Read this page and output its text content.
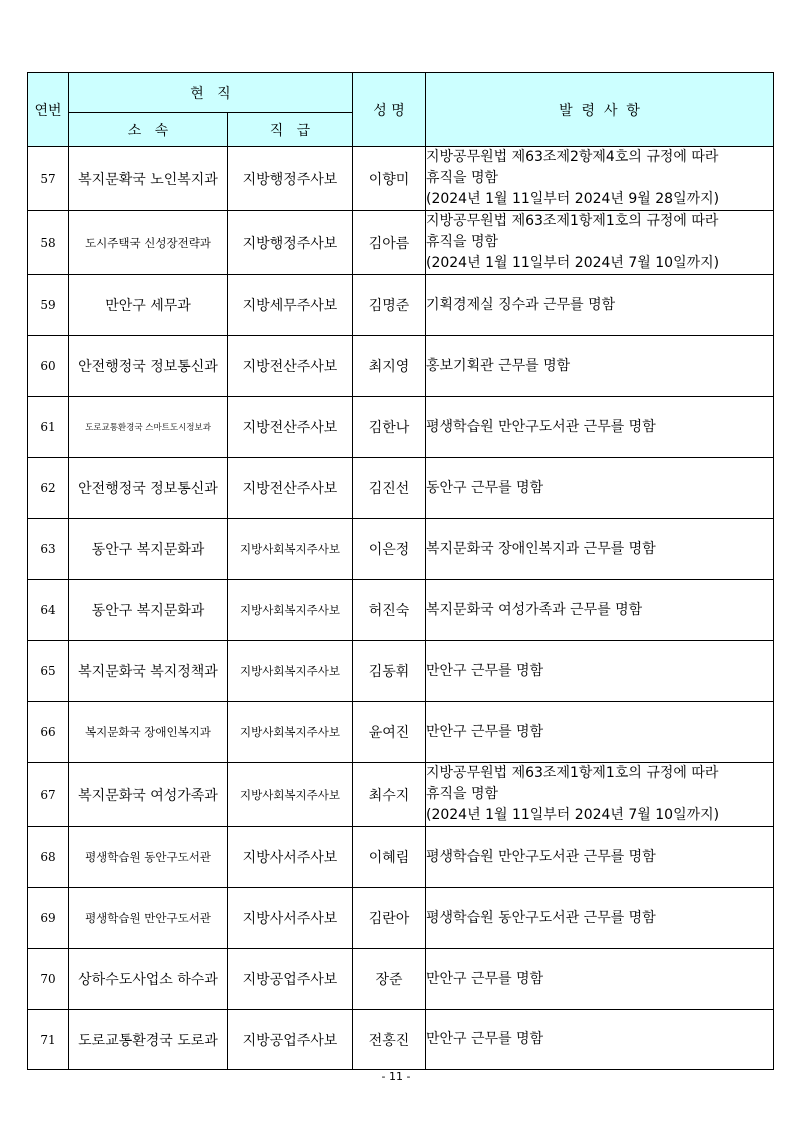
연번	현   직		성 명	발  령  사  항
	소   속	직   급		
57	복지문확국 노인복지과	지방행정주사보	이향미	지방공무원법 제63조제2항제4호의 규정에 따라
휴직을 명함
(2024년 1월 11일부터 2024년 9월 28일까지)

58	도시주택국 신성장전략과	지방행정주사보	김아름	지방공무원법 제63조제1항제1호의 규정에 따라
휴직을 명함
(2024년 1월 11일부터 2024년 7월 10일까지)

59	만안구 세무과	지방세무주사보	김명준	기획경제실 징수과 근무를 명함

60	안전행정국 정보통신과	지방전산주사보	최지영	홍보기획관 근무를 명함

61	도로교통환경국 스마트도시정보과	지방전산주사보	김한나	평생학습원 만안구도서관 근무를 명함

62	안전행정국 정보통신과	지방전산주사보	김진선	동안구 근무를 명함

63	동안구 복지문화과	지방사회복지주사보	이은정	복지문화국 장애인복지과 근무를 명함

64	동안구 복지문화과	지방사회복지주사보	허진숙	복지문화국 여성가족과 근무를 명함

65	복지문화국 복지정책과	지방사회복지주사보	김동휘	만안구 근무를 명함

66	복지문화국 장애인복지과	지방사회복지주사보	윤여진	만안구 근무를 명함

67	복지문화국 여성가족과	지방사회복지주사보	최수지	지방공무원법 제63조제1항제1호의 규정에 따라
휴직을 명함
(2024년 1월 11일부터 2024년 7월 10일까지)

68	평생학습원 동안구도서관	지방사서주사보	이혜림	평생학습원 만안구도서관 근무를 명함

69	평생학습원 만안구도서관	지방사서주사보	김란아	평생학습원 동안구도서관 근무를 명함

70	상하수도사업소 하수과	지방공업주사보	장준	만안구 근무를 명함

71	도로교통환경국 도로과	지방공업주사보	전홍진	만안구 근무를 명함
- 11 -
